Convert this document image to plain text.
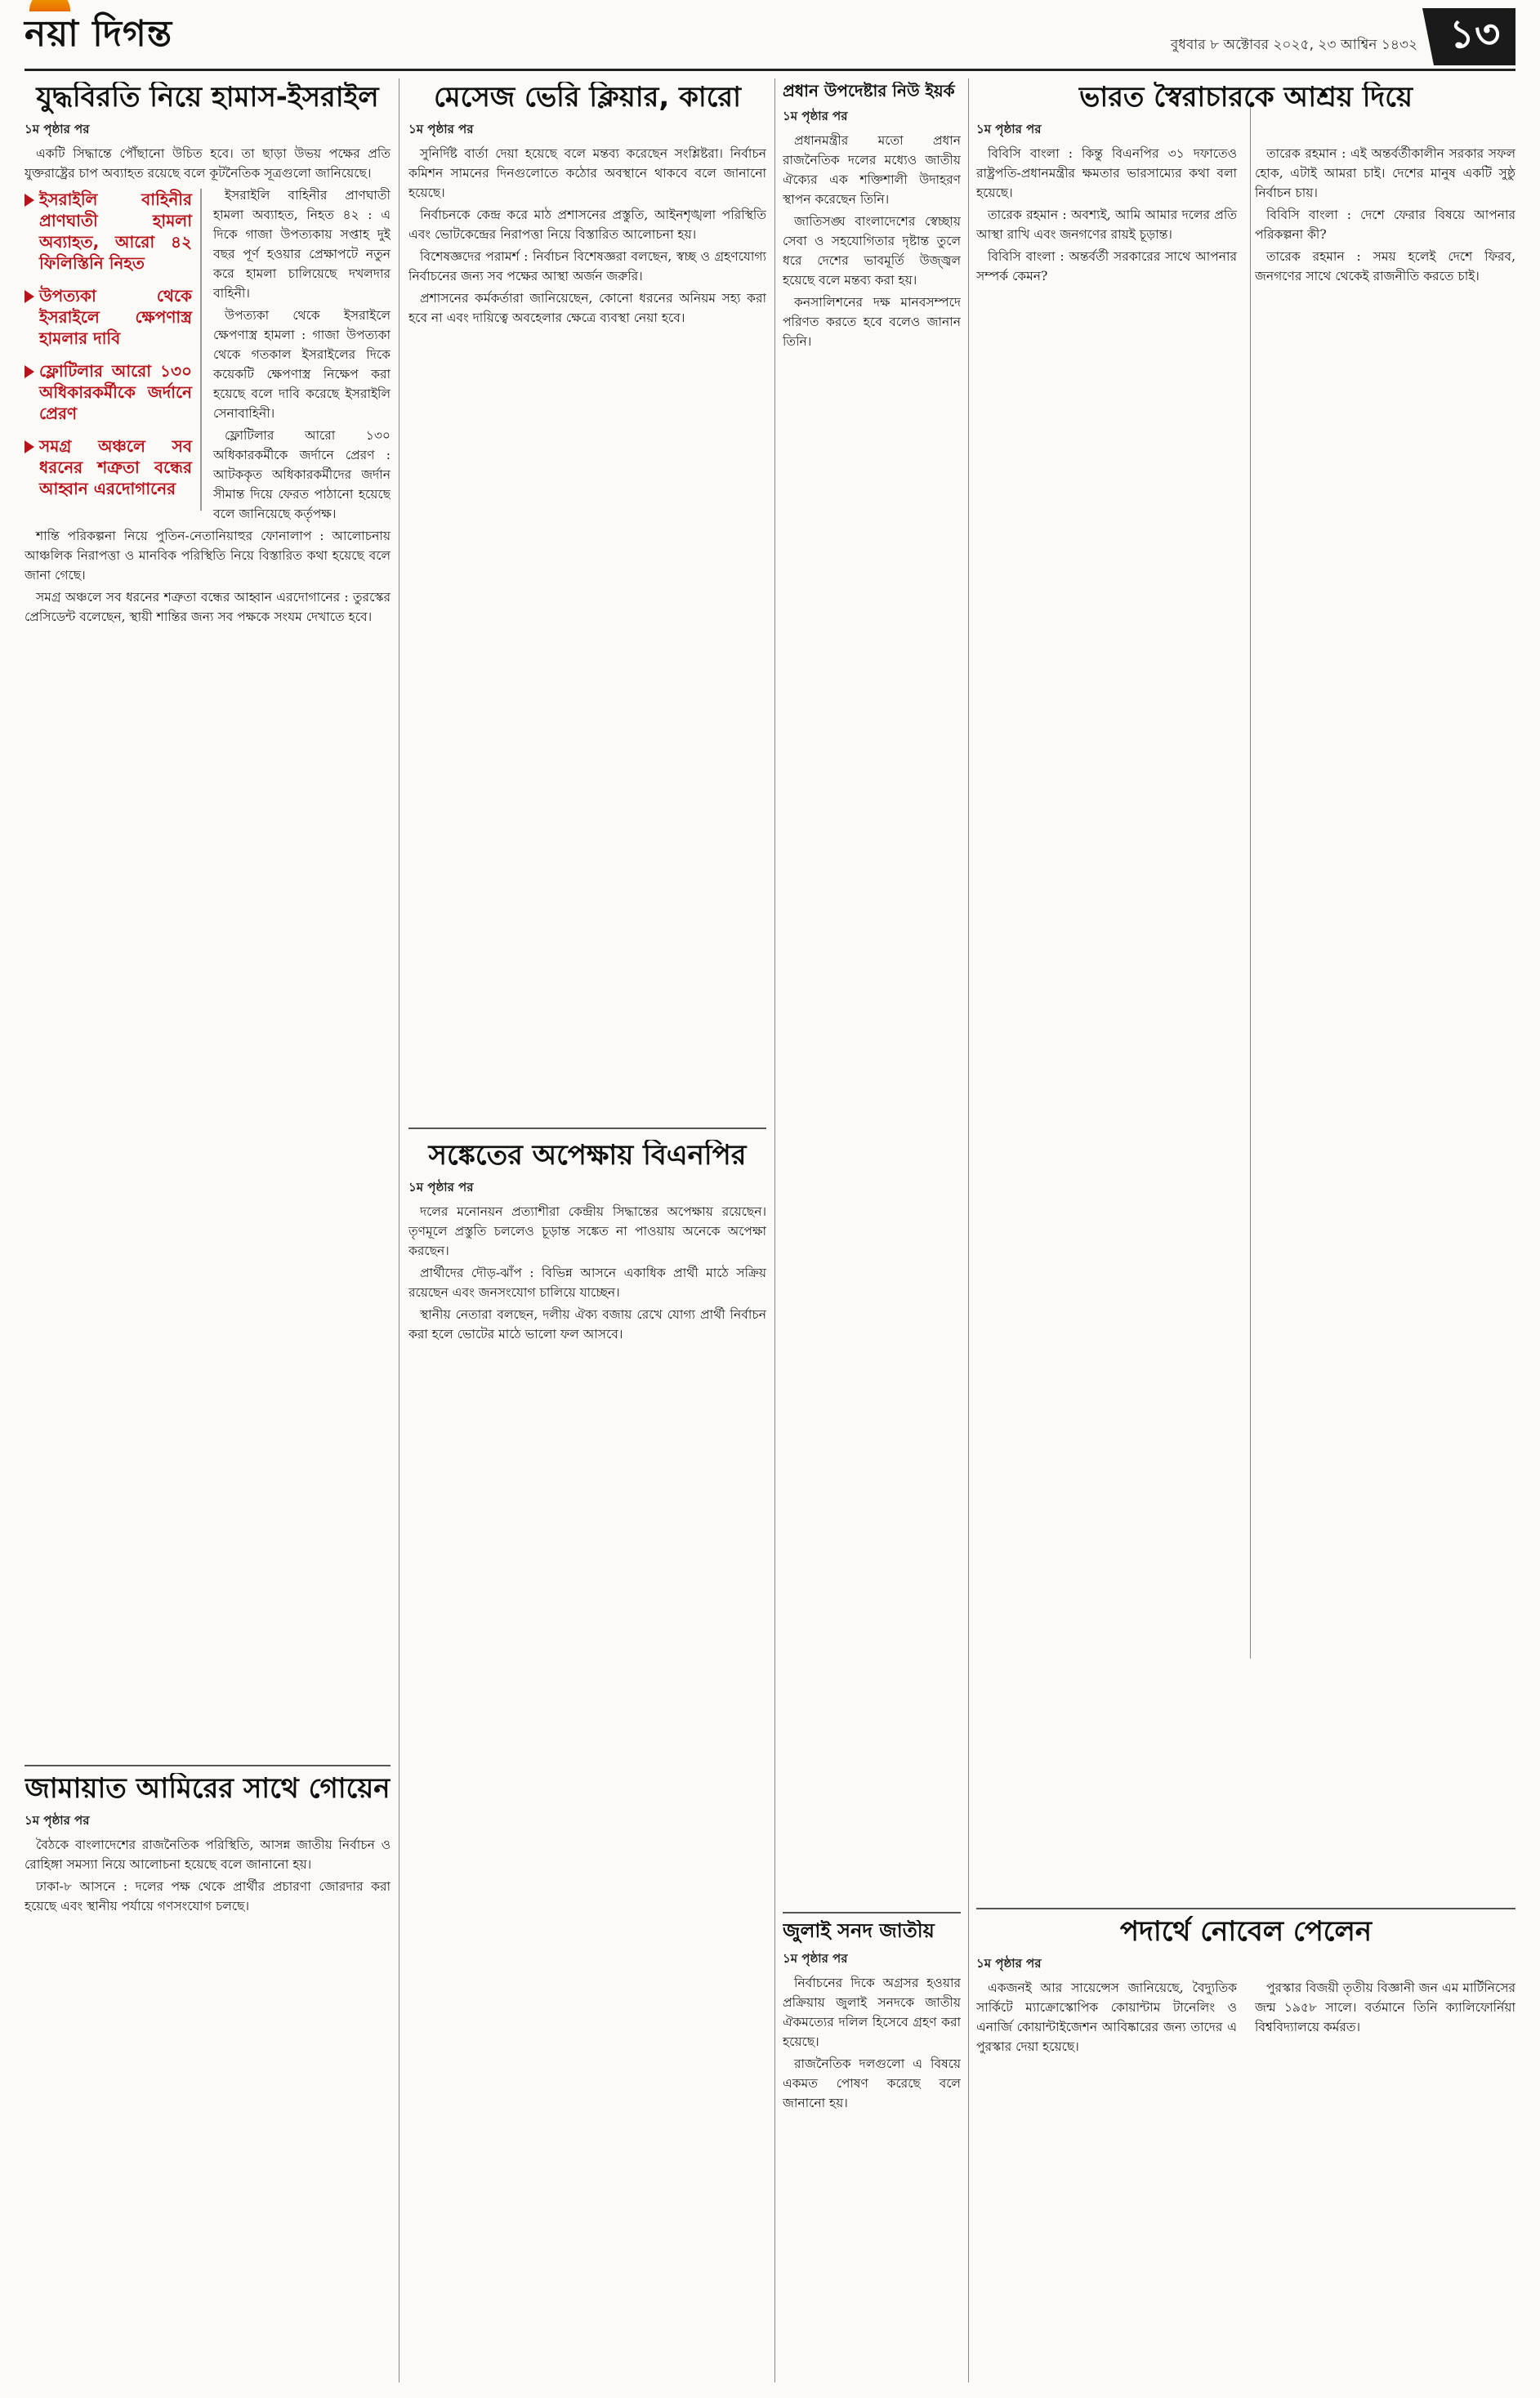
নয়া দিগন্ত	বুধবার ৮ অক্টোবর ২০২৫, ২৩ আশ্বিন ১৪৩২ ১৩
যুদ্ধবিরতি নিয়ে হামাস-ইসরাইল
১ম পৃষ্ঠার পর

একটি সিদ্ধান্তে পৌঁছানো উচিত হবে। তা ছাড়া উভয় পক্ষের প্রতি যুক্তরাষ্ট্রের চাপ অব্যাহত রয়েছে বলে কূটনৈতিক সূত্রগুলো জানিয়েছে।

ইসরাইলি বাহিনীর প্রাণঘাতী হামলা অব্যাহত, আরো ৪২ ফিলিস্তিনি নিহত
উপত্যকা থেকে ইসরাইলে ক্ষেপণাস্ত্র হামলার দাবি
ফ্লোটিলার আরো ১৩০ অধিকারকর্মীকে জর্দানে প্রেরণ
সমগ্র অঞ্চলে সব ধরনের শত্রুতা বন্ধের আহ্বান এরদোগানের

ইসরাইলি বাহিনীর প্রাণঘাতী হামলা অব্যাহত, নিহত ৪২ : এ দিকে গাজা উপত্যকায় সপ্তাহ দুই বছর পূর্ণ হওয়ার প্রেক্ষাপটে নতুন করে হামলা চালিয়েছে দখলদার বাহিনী।

উপত্যকা থেকে ইসরাইলে ক্ষেপণাস্ত্র হামলা : গাজা উপত্যকা থেকে গতকাল ইসরাইলের দিকে কয়েকটি ক্ষেপণাস্ত্র নিক্ষেপ করা হয়েছে বলে দাবি করেছে ইসরাইলি সেনাবাহিনী।

ফ্লোটিলার আরো ১৩০ অধিকারকর্মীকে জর্দানে প্রেরণ : আটককৃত অধিকারকর্মীদের জর্দান সীমান্ত দিয়ে ফেরত পাঠানো হয়েছে বলে জানিয়েছে কর্তৃপক্ষ।

শান্তি পরিকল্পনা নিয়ে পুতিন-নেতানিয়াহুর ফোনালাপ : আলোচনায় আঞ্চলিক নিরাপত্তা ও মানবিক পরিস্থিতি নিয়ে বিস্তারিত কথা হয়েছে বলে জানা গেছে।

সমগ্র অঞ্চলে সব ধরনের শত্রুতা বন্ধের আহ্বান এরদোগানের : তুরস্কের প্রেসিডেন্ট বলেছেন, স্থায়ী শান্তির জন্য সব পক্ষকে সংযম দেখাতে হবে।

জামায়াত আমিরের সাথে গোয়েন
১ম পৃষ্ঠার পর

বৈঠকে বাংলাদেশের রাজনৈতিক পরিস্থিতি, আসন্ন জাতীয় নির্বাচন ও রোহিঙ্গা সমস্যা নিয়ে আলোচনা হয়েছে বলে জানানো হয়।

ঢাকা-৮ আসনে : দলের পক্ষ থেকে প্রার্থীর প্রচারণা জোরদার করা হয়েছে এবং স্থানীয় পর্যায়ে গণসংযোগ চলছে।

মেসেজ ভেরি ক্লিয়ার, কারো
১ম পৃষ্ঠার পর

সুনির্দিষ্ট বার্তা দেয়া হয়েছে বলে মন্তব্য করেছেন সংশ্লিষ্টরা। নির্বাচন কমিশন সামনের দিনগুলোতে কঠোর অবস্থানে থাকবে বলে জানানো হয়েছে।

নির্বাচনকে কেন্দ্র করে মাঠ প্রশাসনের প্রস্তুতি, আইনশৃঙ্খলা পরিস্থিতি এবং ভোটকেন্দ্রের নিরাপত্তা নিয়ে বিস্তারিত আলোচনা হয়।

বিশেষজ্ঞদের পরামর্শ : নির্বাচন বিশেষজ্ঞরা বলছেন, স্বচ্ছ ও গ্রহণযোগ্য নির্বাচনের জন্য সব পক্ষের আস্থা অর্জন জরুরি।

প্রশাসনের কর্মকর্তারা জানিয়েছেন, কোনো ধরনের অনিয়ম সহ্য করা হবে না এবং দায়িত্বে অবহেলার ক্ষেত্রে ব্যবস্থা নেয়া হবে।

সঙ্কেতের অপেক্ষায় বিএনপির
১ম পৃষ্ঠার পর

দলের মনোনয়ন প্রত্যাশীরা কেন্দ্রীয় সিদ্ধান্তের অপেক্ষায় রয়েছেন। তৃণমূলে প্রস্তুতি চললেও চূড়ান্ত সঙ্কেত না পাওয়ায় অনেকে অপেক্ষা করছেন।

প্রার্থীদের দৌড়-ঝাঁপ : বিভিন্ন আসনে একাধিক প্রার্থী মাঠে সক্রিয় রয়েছেন এবং জনসংযোগ চালিয়ে যাচ্ছেন।

স্থানীয় নেতারা বলছেন, দলীয় ঐক্য বজায় রেখে যোগ্য প্রার্থী নির্বাচন করা হলে ভোটের মাঠে ভালো ফল আসবে।

প্রধান উপদেষ্টার নিউ ইয়র্ক
১ম পৃষ্ঠার পর

প্রধানমন্ত্রীর মতো প্রধান রাজনৈতিক দলের মধ্যেও জাতীয় ঐক্যের এক শক্তিশালী উদাহরণ স্থাপন করেছেন তিনি।

জাতিসঙ্ঘ বাংলাদেশের স্বেচ্ছায় সেবা ও সহযোগিতার দৃষ্টান্ত তুলে ধরে দেশের ভাবমূর্তি উজ্জ্বল হয়েছে বলে মন্তব্য করা হয়।

কনসালিশনের দক্ষ মানবসম্পদে পরিণত করতে হবে বলেও জানান তিনি।

জুলাই সনদ জাতীয়
১ম পৃষ্ঠার পর

নির্বাচনের দিকে অগ্রসর হওয়ার প্রক্রিয়ায় জুলাই সনদকে জাতীয় ঐকমত্যের দলিল হিসেবে গ্রহণ করা হয়েছে।

রাজনৈতিক দলগুলো এ বিষয়ে একমত পোষণ করেছে বলে জানানো হয়।

ভারত স্বৈরাচারকে আশ্রয় দিয়ে
১ম পৃষ্ঠার পর

বিবিসি বাংলা : কিন্তু বিএনপির ৩১ দফাতেও রাষ্ট্রপতি-প্রধানমন্ত্রীর ক্ষমতার ভারসাম্যের কথা বলা হয়েছে।

তারেক রহমান : অবশ্যই, আমি আমার দলের প্রতি আস্থা রাখি এবং জনগণের রায়ই চূড়ান্ত।

বিবিসি বাংলা : অন্তর্বর্তী সরকারের সাথে আপনার সম্পর্ক কেমন?

তারেক রহমান : এই অন্তর্বর্তীকালীন সরকার সফল হোক, এটাই আমরা চাই। দেশের মানুষ একটি সুষ্ঠু নির্বাচন চায়।

বিবিসি বাংলা : দেশে ফেরার বিষয়ে আপনার পরিকল্পনা কী?

তারেক রহমান : সময় হলেই দেশে ফিরব, জনগণের সাথে থেকেই রাজনীতি করতে চাই।

পদার্থে নোবেল পেলেন
১ম পৃষ্ঠার পর

একজনই আর সায়েন্সেস জানিয়েছে, বৈদ্যুতিক সার্কিটে ম্যাক্রোস্কোপিক কোয়ান্টাম টানেলিং ও এনার্জি কোয়ান্টাইজেশন আবিষ্কারের জন্য তাদের এ পুরস্কার দেয়া হয়েছে।

পুরস্কার বিজয়ী তৃতীয় বিজ্ঞানী জন এম মার্টিনিসের জন্ম ১৯৫৮ সালে। বর্তমানে তিনি ক্যালিফোর্নিয়া বিশ্ববিদ্যালয়ে কর্মরত।
